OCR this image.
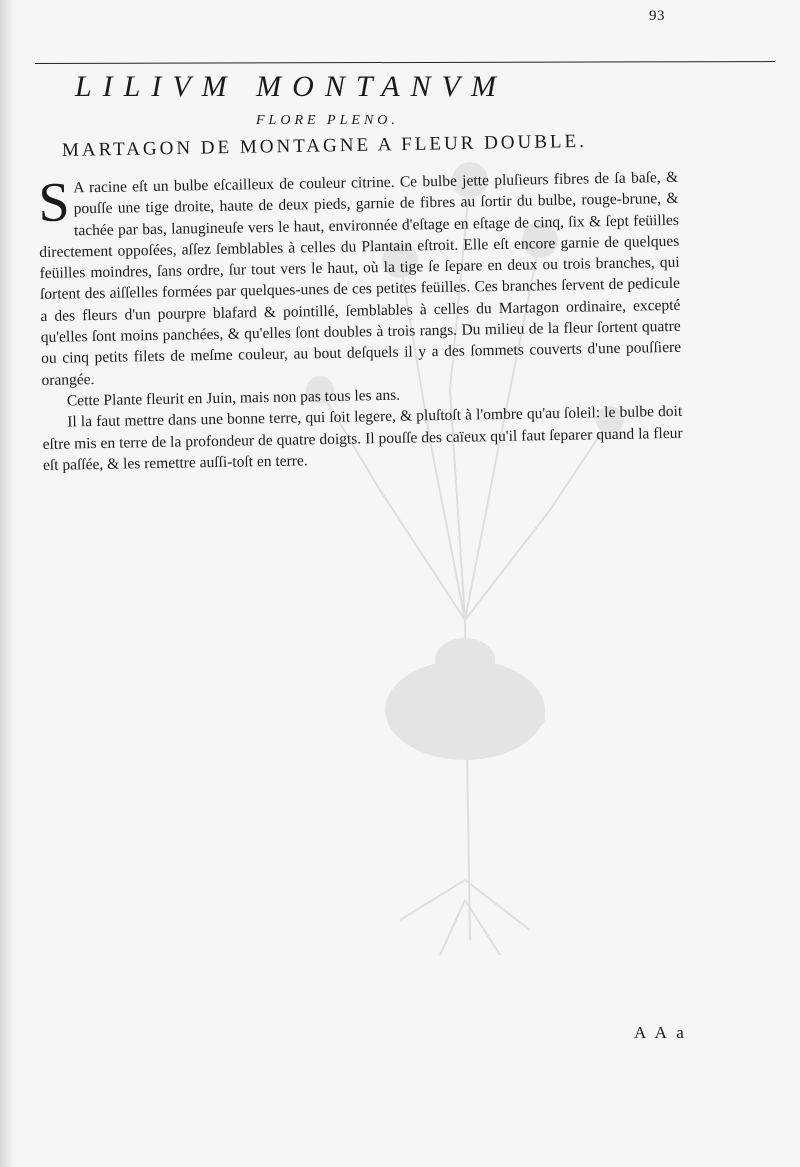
93
LILIVM MONTANVM
FLORE PLENO.
MARTAGON DE MONTAGNE A FLEUR DOUBLE.

S A racine eſt un bulbe eſcailleux de couleur citrine. Ce bulbe jette pluſieurs fibres de ſa baſe, & pouſſe une tige droite, haute de deux pieds, garnie de fibres au ſortir du bulbe, rouge-brune, & tachée par bas, lanugineuſe vers le haut, environnée d'eſtage en eſtage de cinq, ſix & ſept feüilles directement oppoſées, aſſez ſemblables à celles du Plantain eſtroit. Elle eſt encore garnie de quelques feüilles moindres, ſans ordre, ſur tout vers le haut, où la tige ſe ſepare en deux ou trois branches, qui ſortent des aiſſelles formées par quelques-unes de ces petites feüilles. Ces branches ſervent de pedicule a des fleurs d'un pourpre blafard & pointillé, ſemblables à celles du Martagon ordinaire, excepté qu'elles ſont moins panchées, & qu'elles ſont doubles à trois rangs. Du milieu de la fleur ſortent quatre ou cinq petits filets de meſme couleur, au bout deſquels il y a des ſommets couverts d'une pouſſiere orangée.

Cette Plante fleurit en Juin, mais non pas tous les ans.

Il la faut mettre dans une bonne terre, qui ſoit legere, & pluſtoſt à l'ombre qu'au ſoleil: le bulbe doit eſtre mis en terre de la profondeur de quatre doigts. Il pouſſe des caïeux qu'il faut ſeparer quand la fleur eſt paſſée, & les remettre auſſi-toſt en terre.

A A a
